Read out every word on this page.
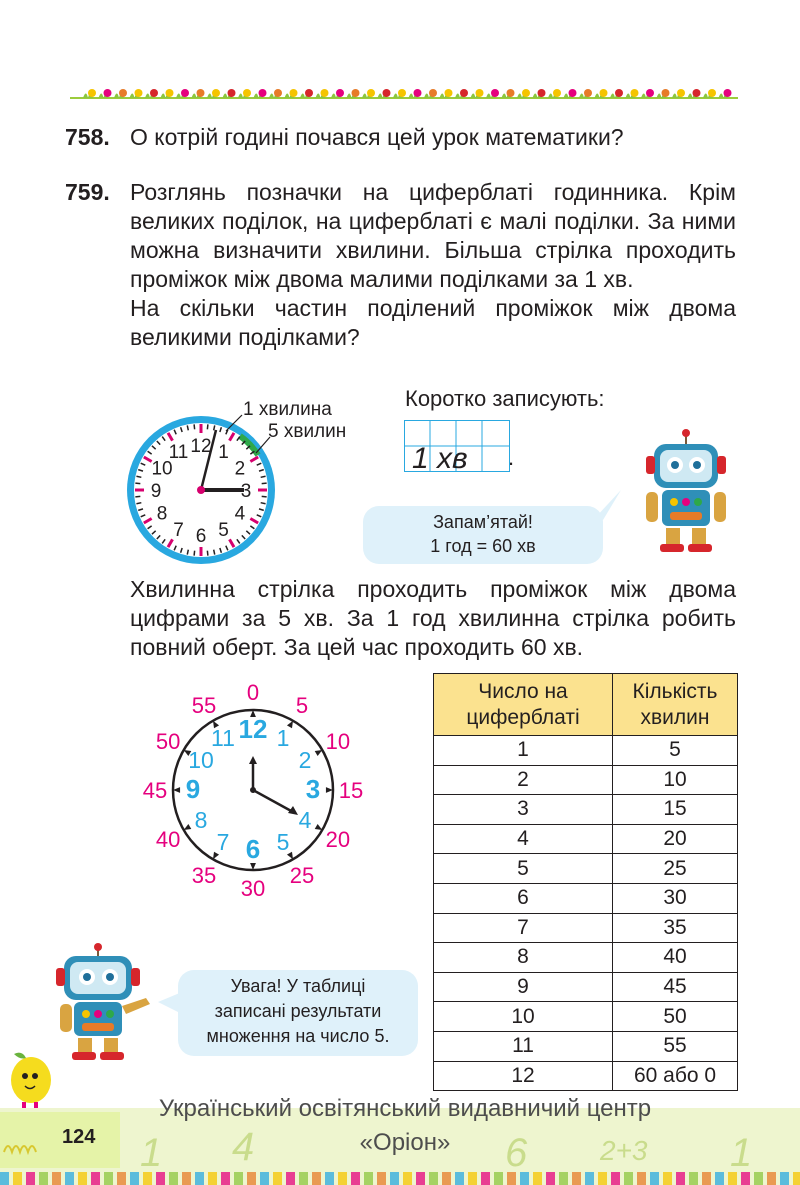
758. О котрій годині почався цей урок математики?
759. Розглянь позначки на циферблаті годинника. Крім великих поділок, на циферблаті є малі поділки. За ними можна визначити хвилини. Більша стрілка проходить проміжок між двома малими поділками за 1 хв.
На скільки частин поділений проміжок між двома великими поділками?
12 1
2
3
4
5
6
7
8
9
10
11
1 хвилина
5 хвилин
Коротко записують:
1 хв .
Запам’ятай!
1 год = 60 хв
Хвилинна стрілка проходить проміжок між двома цифрами за 5 хв. За 1 год хвилинна стрілка робить повний оберт. За цей час проходить 60 хв.
12 1
2
3
4
5
6
7
8
9
10
11
0
5
10
15
20
25
30
35
40
45
50
55
Число на циферблаті	Кількість хвилин
1	5
2	10
3	15
4	20
5	25
6	30
7	35
8	40
9	45
10	50
11	55
12	60 або 0
Увага! У таблиці
записані результати
множення на число 5.
1 4	6	2+3 1
124
Український освітянський видавничий центр
«Оріон»
